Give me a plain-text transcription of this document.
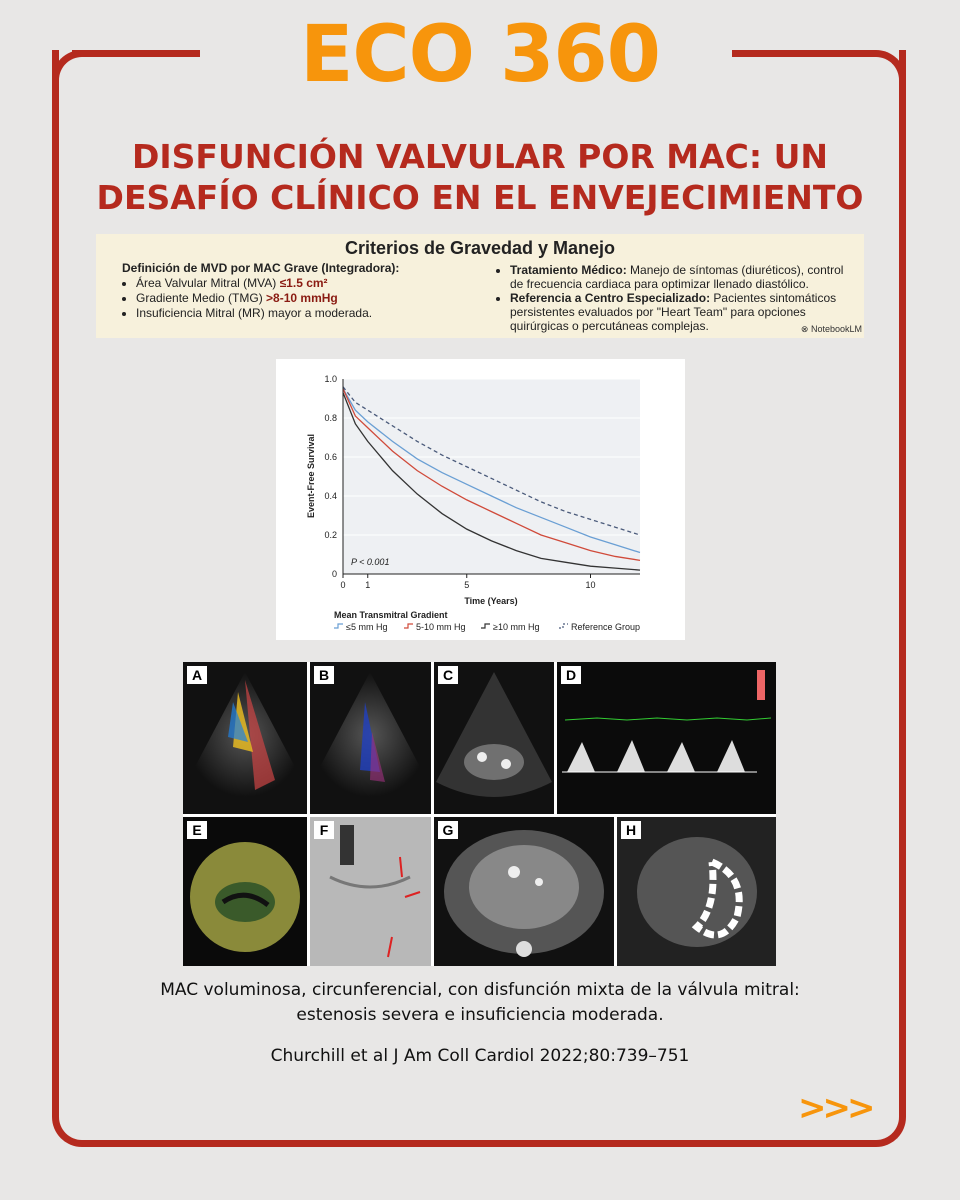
ECO 360
DISFUNCIÓN VALVULAR POR MAC: UN
DESAFÍO CLÍNICO EN EL ENVEJECIMIENTO
Criterios de Gravedad y Manejo
Definición de MVD por MAC Grave (Integradora):
• Área Valvular Mitral (MVA) ≤1.5 cm²
• Gradiente Medio (TMG) >8-10 mmHg
• Insuficiencia Mitral (MR) mayor a moderada.
• Tratamiento Médico: Manejo de síntomas (diuréticos), control de frecuencia cardiaca para optimizar llenado diastólico.
• Referencia a Centro Especializado: Pacientes sintomáticos persistentes evaluados por "Heart Team" para opciones quirúrgicas o percutáneas complejas.	⊗ NotebookLM
0
0.2
0.4
0.6
0.8
1.0
0 1	5	10
Event-Free Survival
Time (Years)
P < 0.001
Mean Transmitral Gradient
≤5 mm Hg	5-10 mm Hg	≥10 mm Hg	Reference Group
A	B	C	D
E	F	G	H
MAC voluminosa, circunferencial, con disfunción mixta de la válvula mitral:
estenosis severa e insuficiencia moderada.
Churchill et al J Am Coll Cardiol 2022;80:739–751
>>>
